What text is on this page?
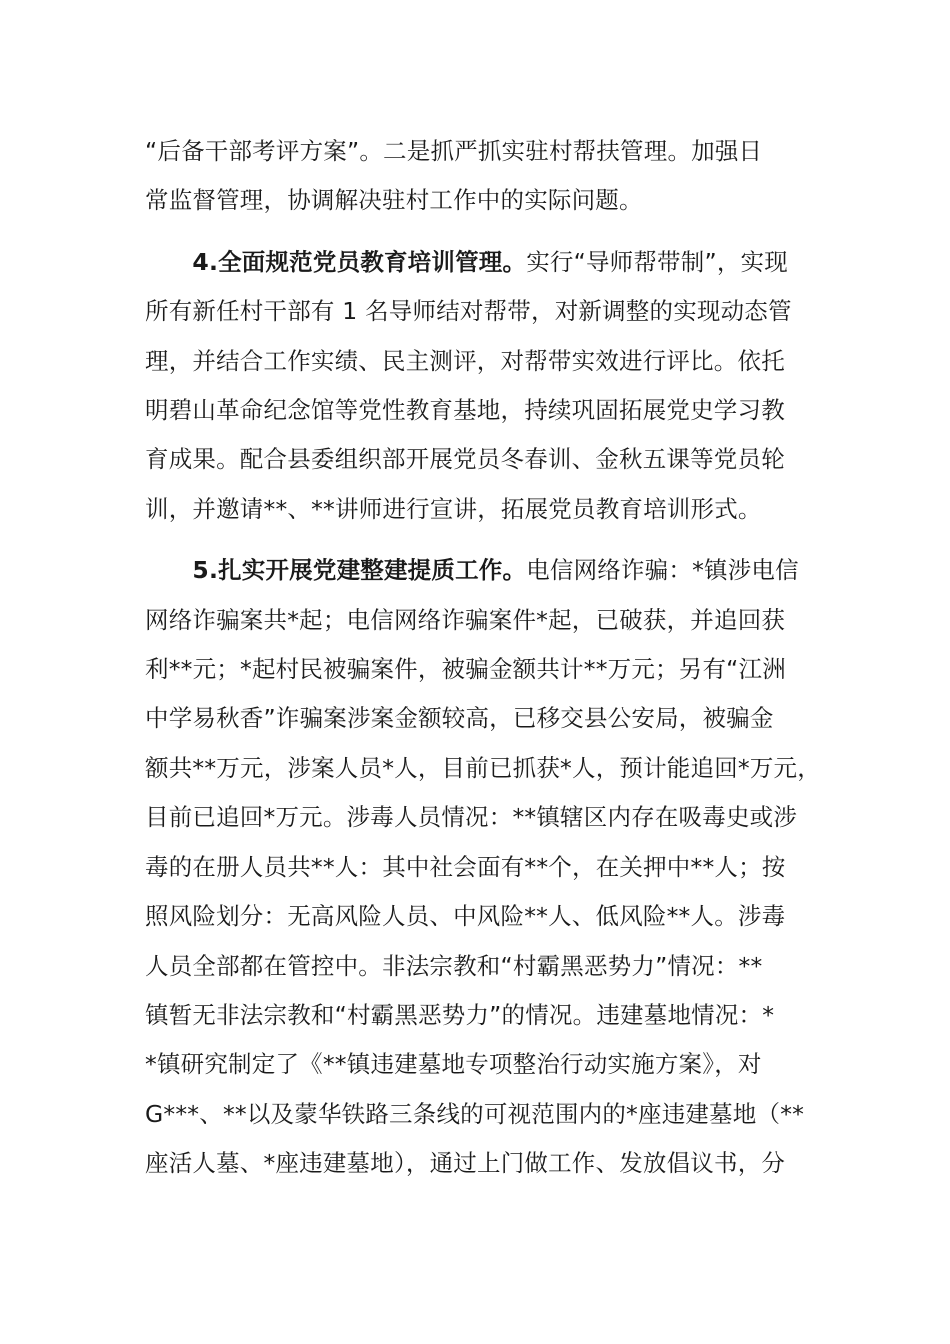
“后备干部考评方案”。二是抓严抓实驻村帮扶管理。加强日
常监督管理，协调解决驻村工作中的实际问题。

　　4.全面规范党员教育培训管理。实行“导师帮带制”，实现
所有新任村干部有 1 名导师结对帮带，对新调整的实现动态管
理，并结合工作实绩、民主测评，对帮带实效进行评比。依托
明碧山革命纪念馆等党性教育基地，持续巩固拓展党史学习教
育成果。配合县委组织部开展党员冬春训、金秋五课等党员轮
训，并邀请**、**讲师进行宣讲，拓展党员教育培训形式。

　　5.扎实开展党建整建提质工作。电信网络诈骗：*镇涉电信
网络诈骗案共*起；电信网络诈骗案件*起，已破获，并追回获
利**元；*起村民被骗案件，被骗金额共计**万元；另有“江洲
中学易秋香”诈骗案涉案金额较高，已移交县公安局，被骗金
额共**万元，涉案人员*人，目前已抓获*人，预计能追回*万元，
目前已追回*万元。涉毒人员情况：**镇辖区内存在吸毒史或涉
毒的在册人员共**人：其中社会面有**个，在关押中**人；按
照风险划分：无高风险人员、中风险**人、低风险**人。涉毒
人员全部都在管控中。非法宗教和“村霸黑恶势力”情况：**
镇暂无非法宗教和“村霸黑恶势力”的情况。违建墓地情况：*
*镇研究制定了《**镇违建墓地专项整治行动实施方案》，对
G***、**以及蒙华铁路三条线的可视范围内的*座违建墓地（**
座活人墓、*座违建墓地），通过上门做工作、发放倡议书，分
